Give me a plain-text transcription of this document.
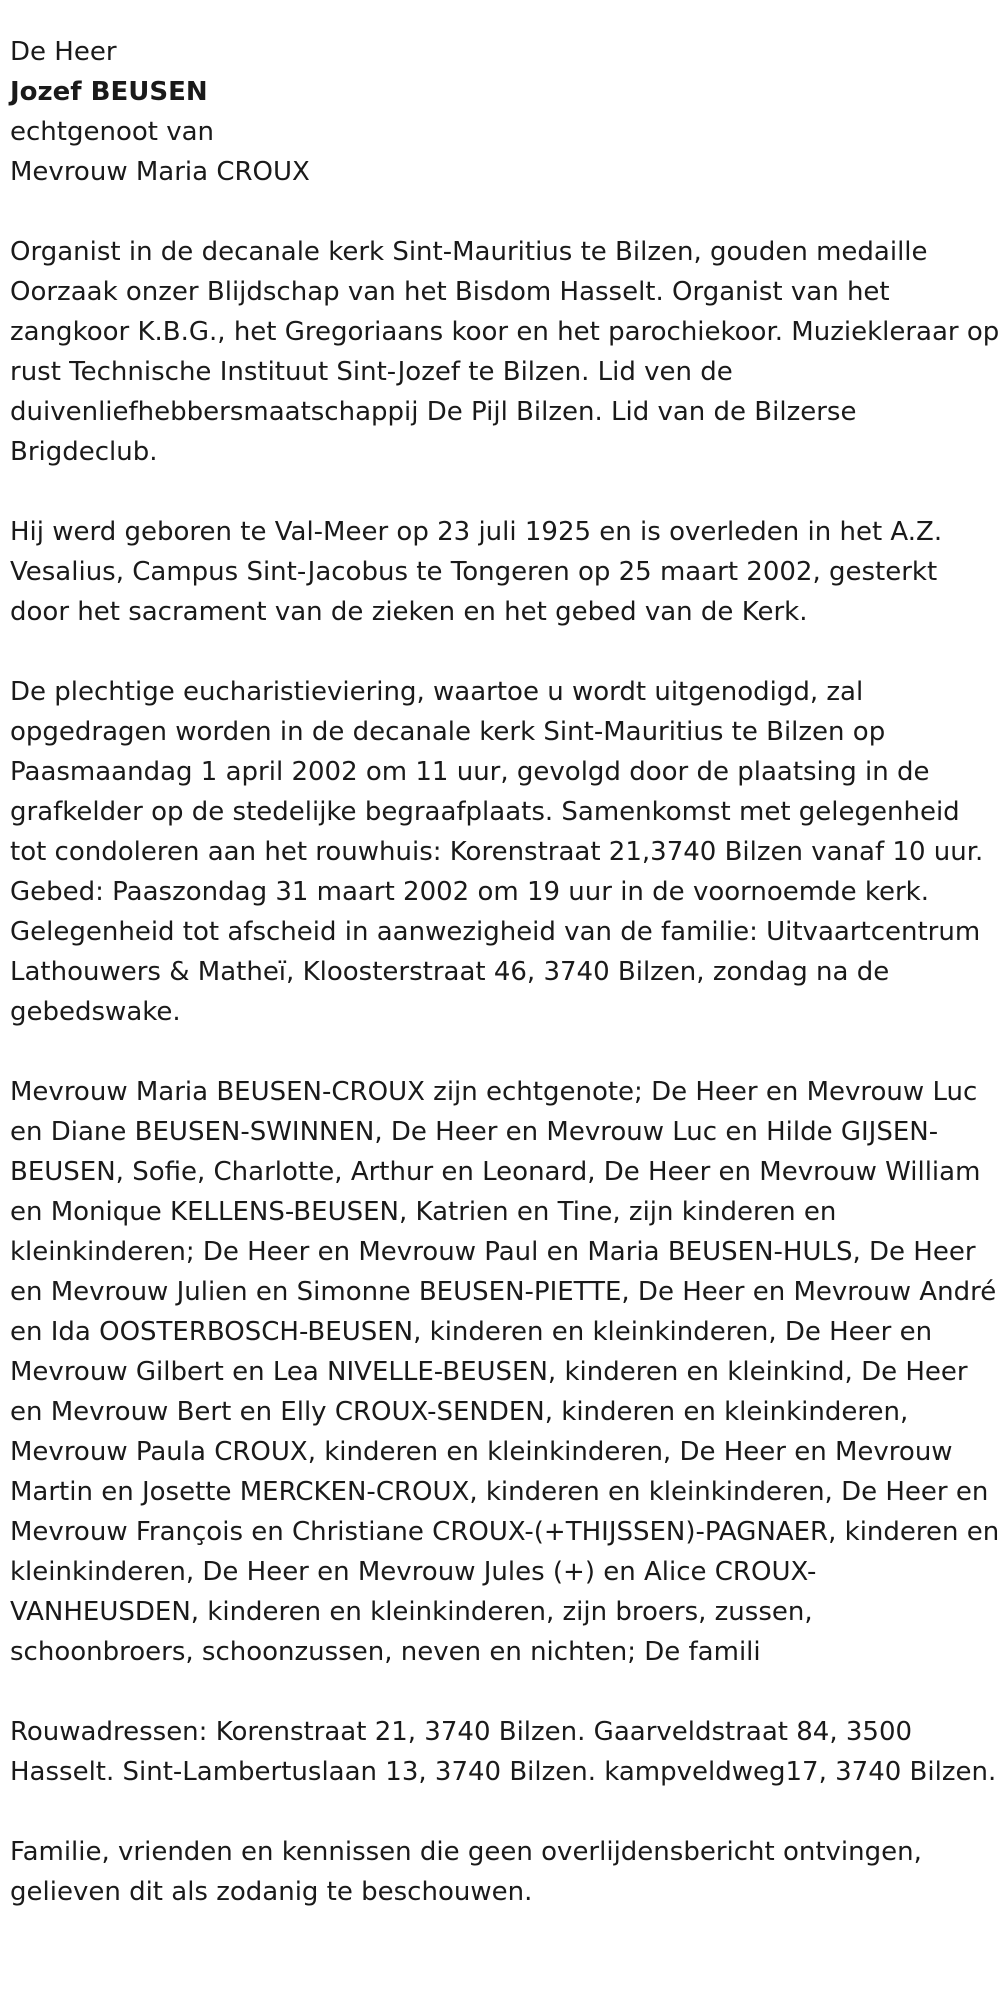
De Heer

Jozef BEUSEN

echtgenoot van

Mevrouw Maria CROUX

Organist in de decanale kerk Sint-Mauritius te Bilzen, gouden medaille Oorzaak onzer Blijdschap van het Bisdom Hasselt. Organist van het zangkoor K.B.G., het Gregoriaans koor en het parochiekoor. Muziekleraar op rust Technische Instituut Sint-Jozef te Bilzen. Lid ven de duivenliefhebbersmaatschappij De Pijl Bilzen. Lid van de Bilzerse Brigdeclub.

Hij werd geboren te Val-Meer op 23 juli 1925 en is overleden in het A.Z. Vesalius, Campus Sint-Jacobus te Tongeren op 25 maart 2002, gesterkt door het sacrament van de zieken en het gebed van de Kerk.

De plechtige eucharistieviering, waartoe u wordt uitgenodigd, zal opgedragen worden in de decanale kerk Sint-Mauritius te Bilzen op Paasmaandag 1 april 2002 om 11 uur, gevolgd door de plaatsing in de grafkelder op de stedelijke begraafplaats. Samenkomst met gelegenheid tot condoleren aan het rouwhuis: Korenstraat 21,3740 Bilzen vanaf 10 uur. Gebed: Paaszondag 31 maart 2002 om 19 uur in de voornoemde kerk. Gelegenheid tot afscheid in aanwezigheid van de familie: Uitvaartcentrum Lathouwers & Matheï, Kloosterstraat 46, 3740 Bilzen, zondag na de gebedswake.

Mevrouw Maria BEUSEN-CROUX zijn echtgenote; De Heer en Mevrouw Luc en Diane BEUSEN-SWINNEN, De Heer en Mevrouw Luc en Hilde GIJSEN-BEUSEN, Sofie, Charlotte, Arthur en Leonard, De Heer en Mevrouw William en Monique KELLENS-BEUSEN, Katrien en Tine, zijn kinderen en kleinkinderen; De Heer en Mevrouw Paul en Maria BEUSEN-HULS, De Heer en Mevrouw Julien en Simonne BEUSEN-PIETTE, De Heer en Mevrouw André en Ida OOSTERBOSCH-BEUSEN, kinderen en kleinkinderen, De Heer en Mevrouw Gilbert en Lea NIVELLE-BEUSEN, kinderen en kleinkind, De Heer en Mevrouw Bert en Elly CROUX-SENDEN, kinderen en kleinkinderen, Mevrouw Paula CROUX, kinderen en kleinkinderen, De Heer en Mevrouw Martin en Josette MERCKEN-CROUX, kinderen en kleinkinderen, De Heer en Mevrouw François en Christiane CROUX-(+THIJSSEN)-PAGNAER, kinderen en kleinkinderen, De Heer en Mevrouw Jules (+) en Alice CROUX-VANHEUSDEN, kinderen en kleinkinderen, zijn broers, zussen, schoonbroers, schoonzussen, neven en nichten; De famili

Rouwadressen: Korenstraat 21, 3740 Bilzen. Gaarveldstraat 84, 3500 Hasselt. Sint-Lambertuslaan 13, 3740 Bilzen. kampveldweg17, 3740 Bilzen.

Familie, vrienden en kennissen die geen overlijdensbericht ontvingen, gelieven dit als zodanig te beschouwen.
